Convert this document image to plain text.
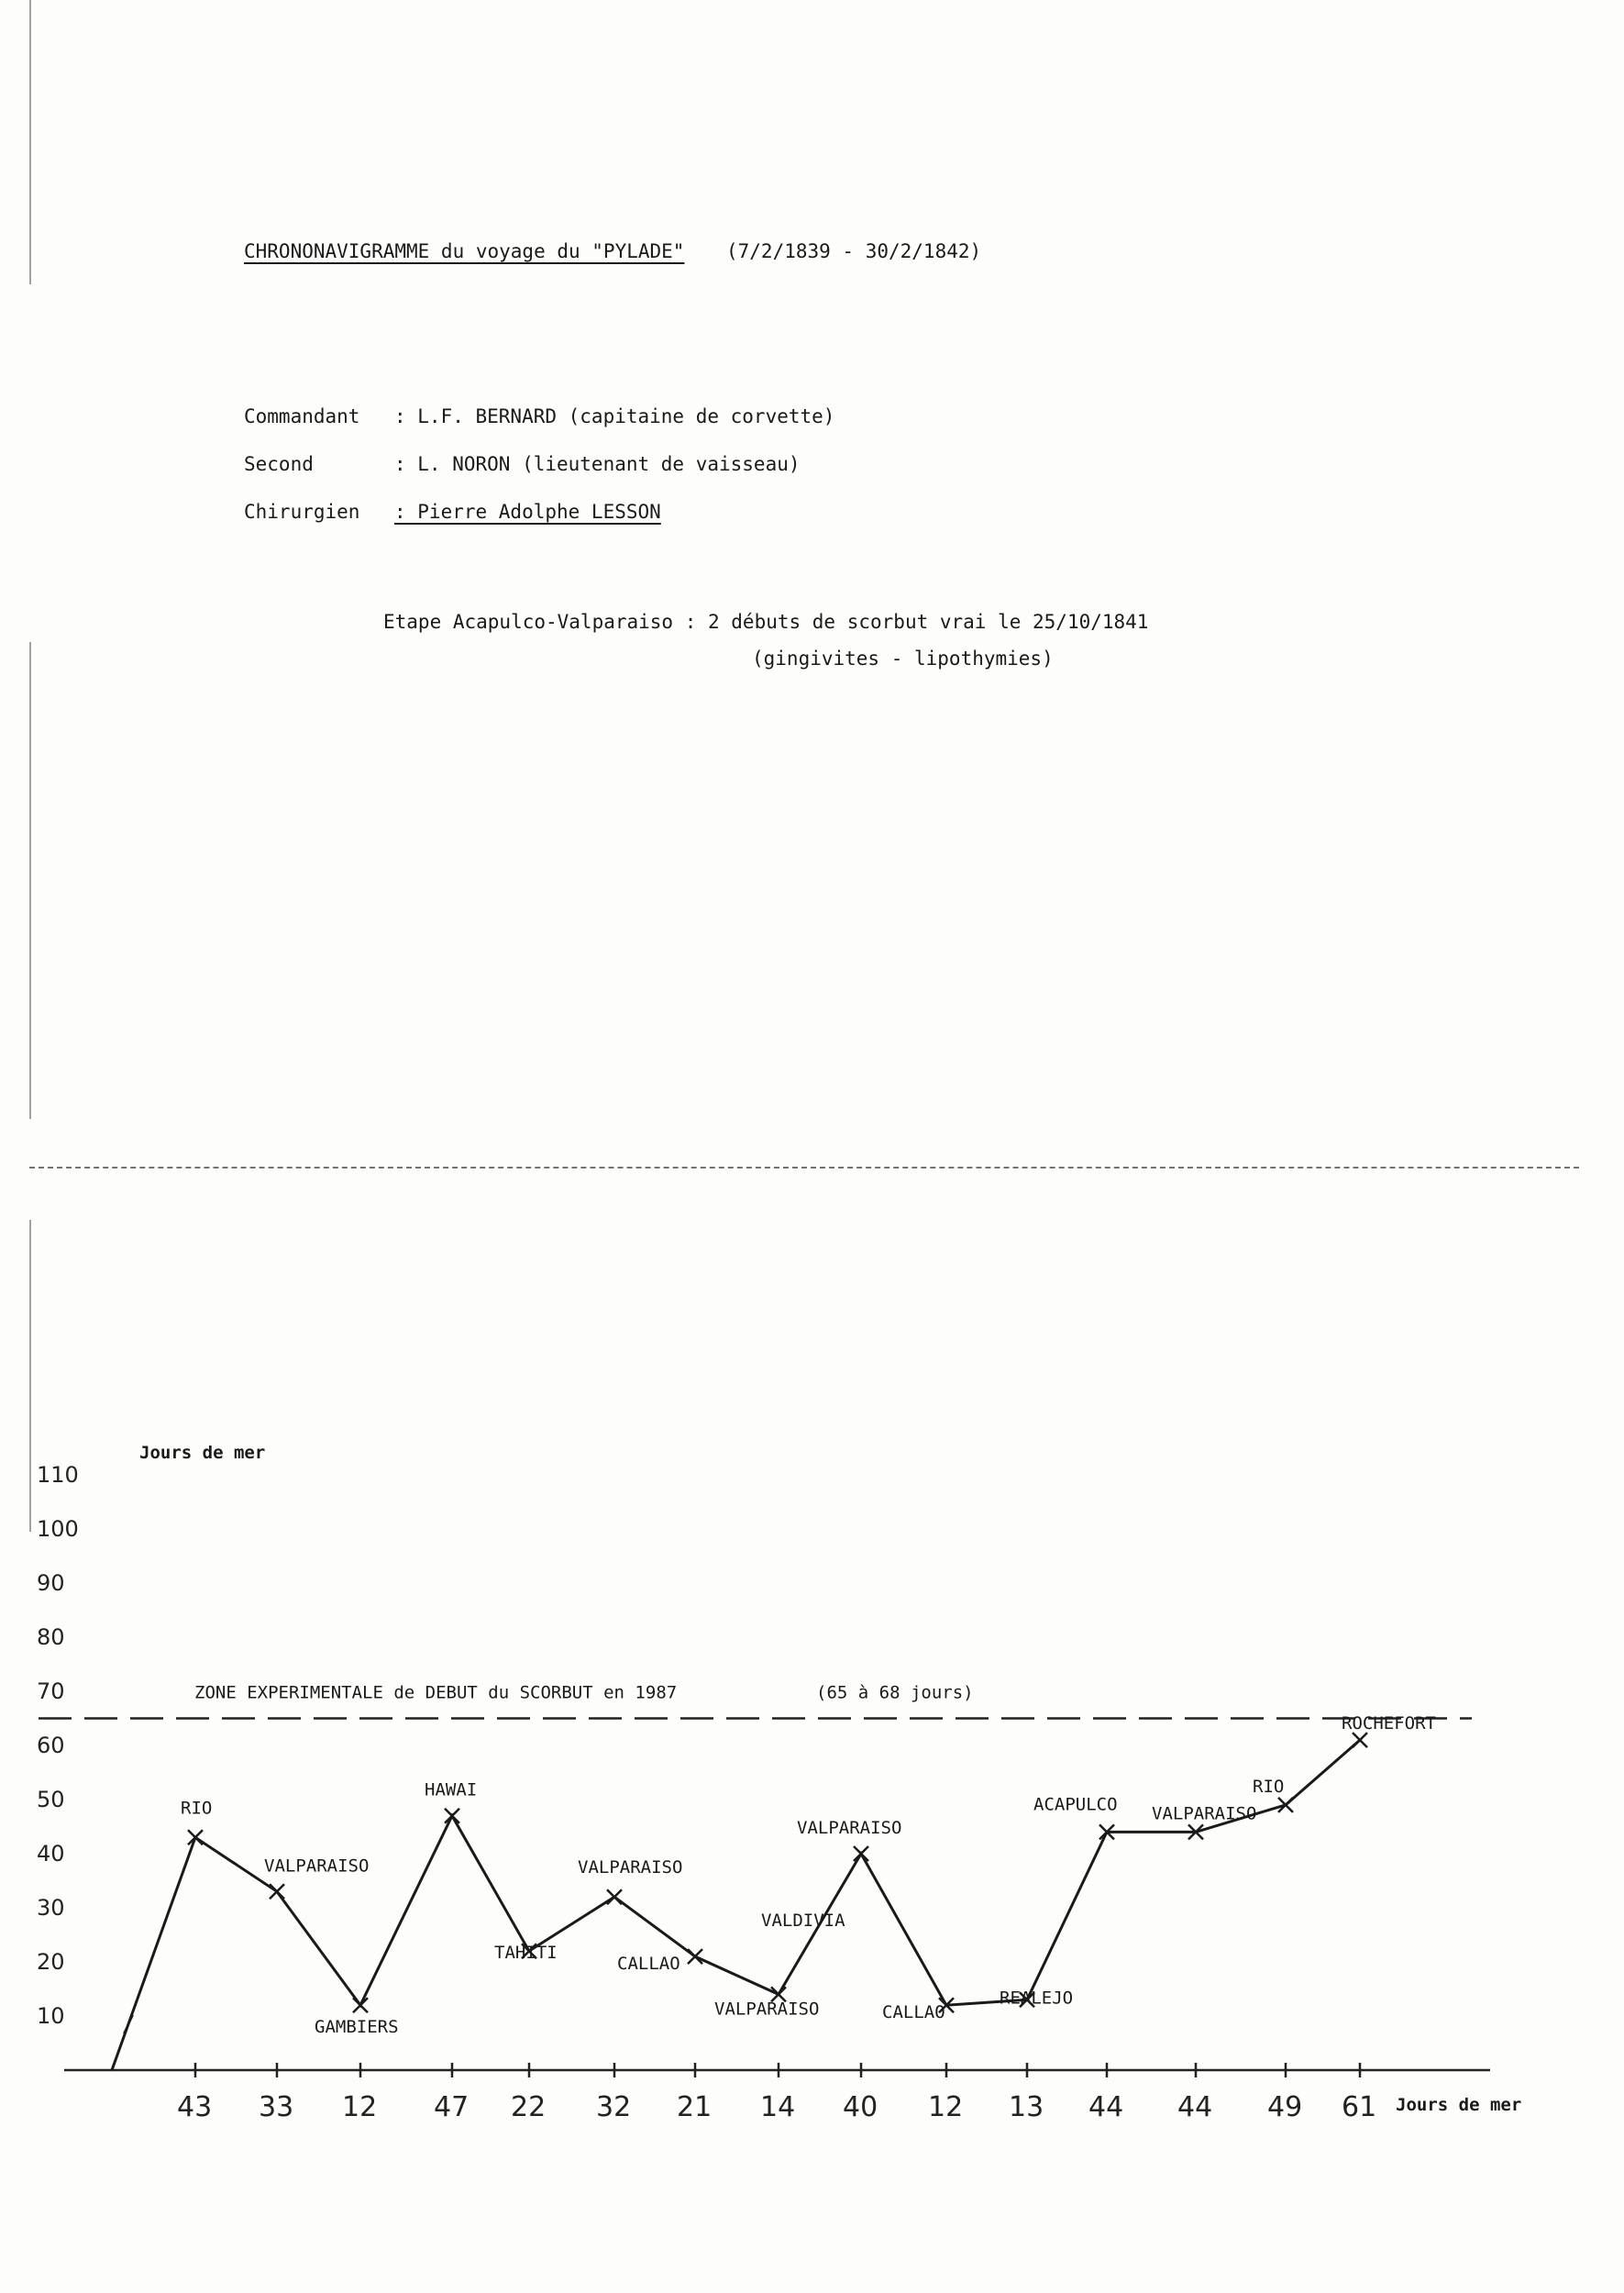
CHRONONAVIGRAMME du voyage du "PYLADE" (7/2/1839 - 30/2/1842)
Commandant : L.F. BERNARD (capitaine de corvette)
Second	: L. NORON (lieutenant de vaisseau)
Chirurgien : Pierre Adolphe LESSON
Etape Acapulco-Valparaiso : 2 débuts de scorbut vrai le 25/10/1841
(gingivites - lipothymies)
Jours de mer
10
20
30
40
50
60
70
80
90
100
110
ZONE EXPERIMENTALE de DEBUT du SCORBUT en 1987	(65 à 68 jours)
RIO
VALPARAISO
GAMBIERS
HAWAI
TAHITI
VALPARAISO
CALLAO
VALPARAISO
VALPARAISO
CALLAO
REALEJO
ACAPULCO VALPARAISO
RIO
ROCHEFORT
VALDIVIA
43 33 12 47 22 32 21 14 40 12 13 44 44 49 61 Jours de mer
